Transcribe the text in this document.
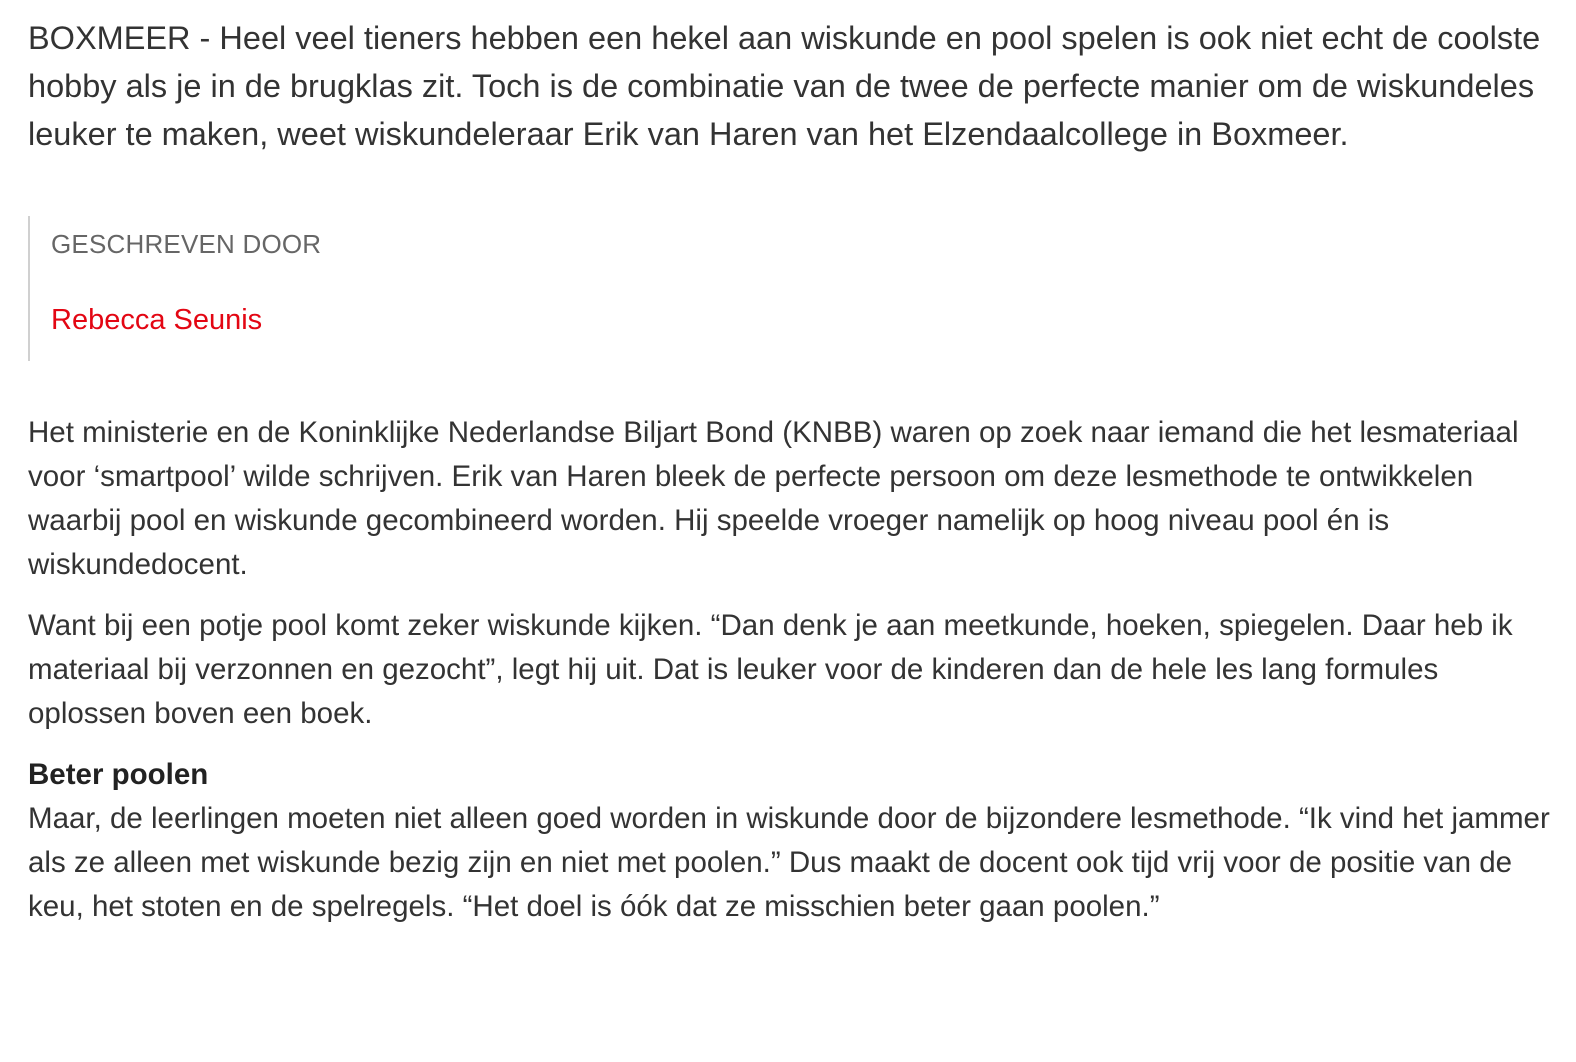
BOXMEER - Heel veel tieners hebben een hekel aan wiskunde en pool spelen is ook niet echt de coolste hobby als je in de brugklas zit. Toch is de combinatie van de twee de perfecte manier om de wiskundeles leuker te maken, weet wiskundeleraar Erik van Haren van het Elzendaalcollege in Boxmeer.

GESCHREVEN DOOR
Rebecca Seunis

Het ministerie en de Koninklijke Nederlandse Biljart Bond (KNBB) waren op zoek naar iemand die het lesmateriaal voor ‘smartpool’ wilde schrijven. Erik van Haren bleek de perfecte persoon om deze lesmethode te ontwikkelen waarbij pool en wiskunde gecombineerd worden. Hij speelde vroeger namelijk op hoog niveau pool én is wiskundedocent.

Want bij een potje pool komt zeker wiskunde kijken. “Dan denk je aan meetkunde, hoeken, spiegelen. Daar heb ik materiaal bij verzonnen en gezocht”, legt hij uit. Dat is leuker voor de kinderen dan de hele les lang formules oplossen boven een boek.

Beter poolen

Maar, de leerlingen moeten niet alleen goed worden in wiskunde door de bijzondere lesmethode. “Ik vind het jammer als ze alleen met wiskunde bezig zijn en niet met poolen.” Dus maakt de docent ook tijd vrij voor de positie van de keu, het stoten en de spelregels. “Het doel is óók dat ze misschien beter gaan poolen.”
